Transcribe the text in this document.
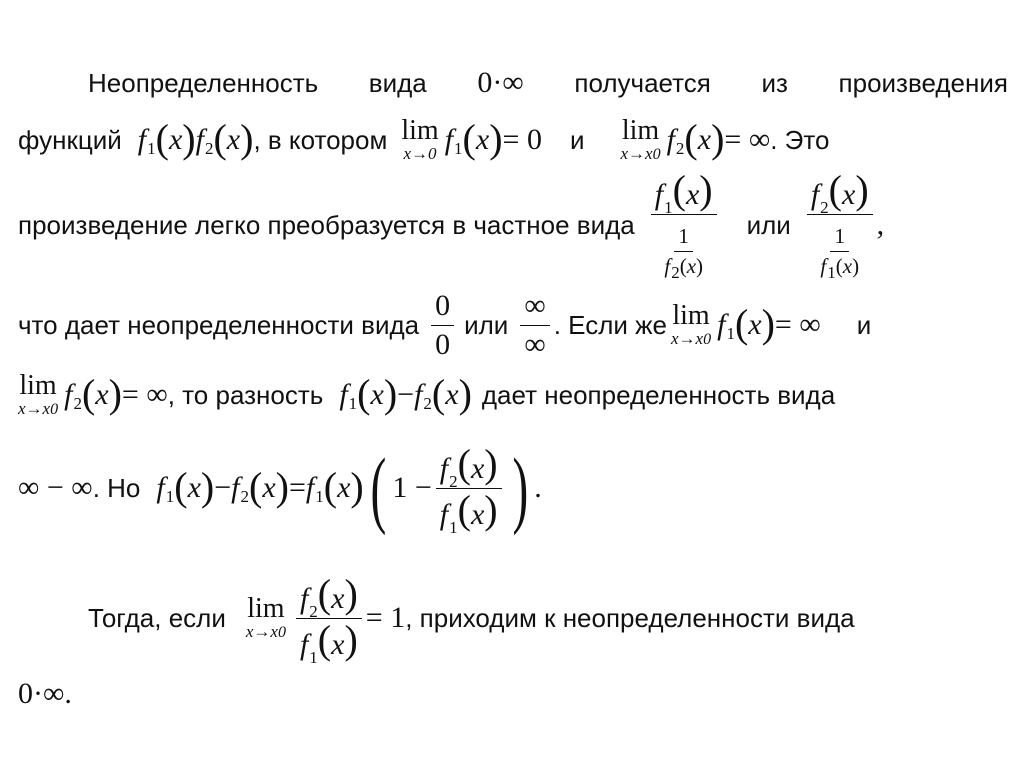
Неопределенность вида 0·∞ получается из произведения
функций f 1 ( x ) f 2 ( x ) , в котором lim
x→0 f 1 ( x ) = 0 и lim
x→x0 f 2 ( x ) = ∞ . Это
произведение легко преобразуется в частное вида $\frac{f_1(x)}{\frac{1}{f_2(x)}}$ или $\frac{f_2(x)}{\frac{1}{f_1(x)}}$ ,
что дает неопределенности вида $\frac{0}{0}$ или $\frac{\infty}{\infty}$ . Если же lim
x→x0 f 1 ( x ) = ∞ и
lim
x→x0 f 2 ( x ) = ∞ , то разность f 1 ( x ) − f 2 ( x ) дает неопределенность вида
∞ − ∞ . Но f 1 ( x ) − f 2 ( x ) = f 1 ( x ) ( $1 - \frac{f_2(x)}{f_1(x)}$ ) .
Тогда, если lim
$x\to x0 \frac{f_2(x)}{f_1(x)} = 1$ , приходим к неопределенности вида
0·∞.
